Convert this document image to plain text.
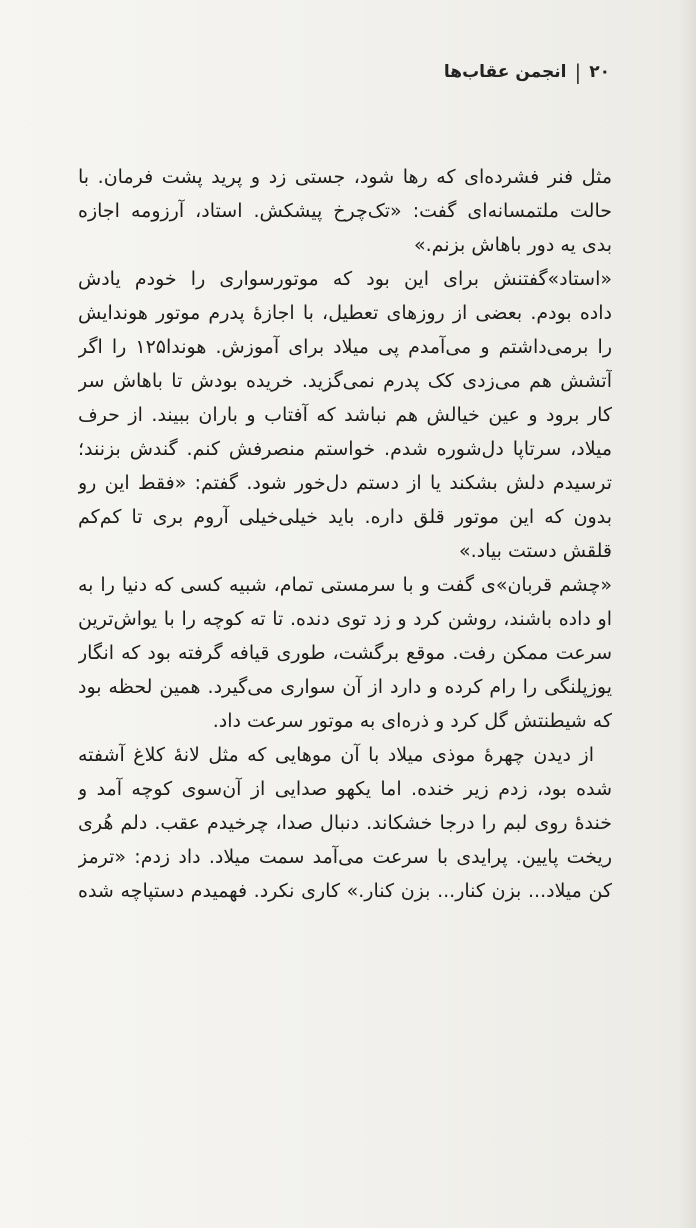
۲۰
|
انجمن عقاب‌ها
مثل فنر فشرده‌ای که رها شود، جستی زد و پرید پشت فرمان. با
حالت ملتمسانه‌ای گفت: «تک‌چرخ پیشکش. استاد، آرزومه اجازه
بدی یه دور باهاش بزنم.»
«استاد»گفتنش برای این بود که موتورسواری را خودم یادش
داده بودم. بعضی از روزهای تعطیل، با اجازهٔ پدرم موتور هوندایش
را برمی‌داشتم و می‌آمدم پی میلاد برای آموزش. هوندا۱۲۵ را اگر
آتشش هم می‌زدی کک پدرم نمی‌گزید. خریده بودش تا باهاش سر
کار برود و عین خیالش هم نباشد که آفتاب و باران ببیند. از حرف
میلاد، سرتاپا دل‌شوره شدم. خواستم منصرفش کنم. گندش بزنند؛
ترسیدم دلش بشکند یا از دستم دل‌خور شود. گفتم: «فقط این رو
بدون که این موتور قلق داره. باید خیلی‌خیلی آروم بری تا کم‌کم
قلقش دستت بیاد.»
«چشم قربان»ی گفت و با سرمستی تمام، شبیه کسی که دنیا را به
او داده باشند، روشن کرد و زد توی دنده. تا ته کوچه را با یواش‌ترین
سرعت ممکن رفت. موقع برگشت، طوری قیافه گرفته بود که انگار
یوزپلنگی را رام کرده و دارد از آن سواری می‌گیرد. همین لحظه بود
که شیطنتش گل کرد و ذره‌ای به موتور سرعت داد.
از دیدن چهرهٔ موذی میلاد با آن موهایی که مثل لانهٔ کلاغ آشفته
شده بود، زدم زیر خنده. اما یکهو صدایی از آن‌سوی کوچه آمد و
خندهٔ روی لبم را درجا خشکاند. دنبال صدا، چرخیدم عقب. دلم هُری
ریخت پایین. پرایدی با سرعت می‌آمد سمت میلاد. داد زدم: «ترمز
کن میلاد... بزن کنار... بزن کنار.» کاری نکرد. فهمیدم دستپاچه شده
